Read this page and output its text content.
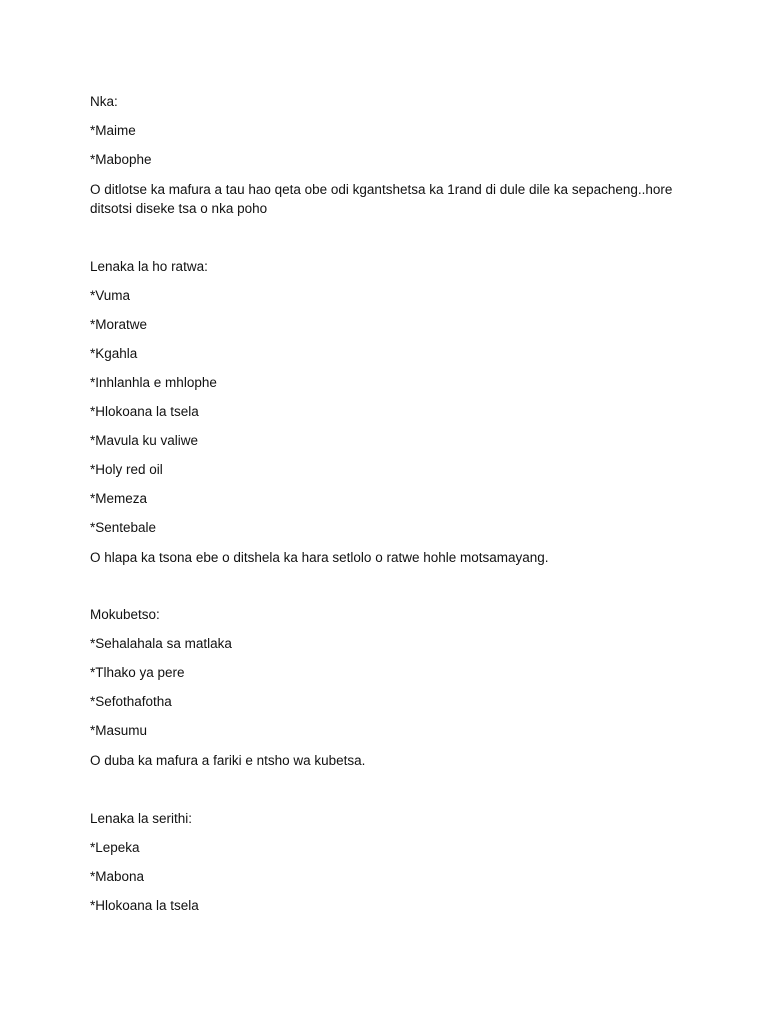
Nka:
*Maime
*Mabophe
O ditlotse ka mafura a tau hao qeta obe odi kgantshetsa ka 1rand di dule dile ka sepacheng..hore ditsotsi diseke tsa o nka poho
Lenaka la ho ratwa:
*Vuma
*Moratwe
*Kgahla
*Inhlanhla e mhlophe
*Hlokoana la tsela
*Mavula ku valiwe
*Holy red oil
*Memeza
*Sentebale
O hlapa ka tsona ebe o ditshela ka hara setlolo o ratwe hohle motsamayang.
Mokubetso:
*Sehalahala sa matlaka
*Tlhako ya pere
*Sefothafotha
*Masumu
O duba ka mafura a fariki e ntsho wa kubetsa.
Lenaka la serithi:
*Lepeka
*Mabona
*Hlokoana la tsela
